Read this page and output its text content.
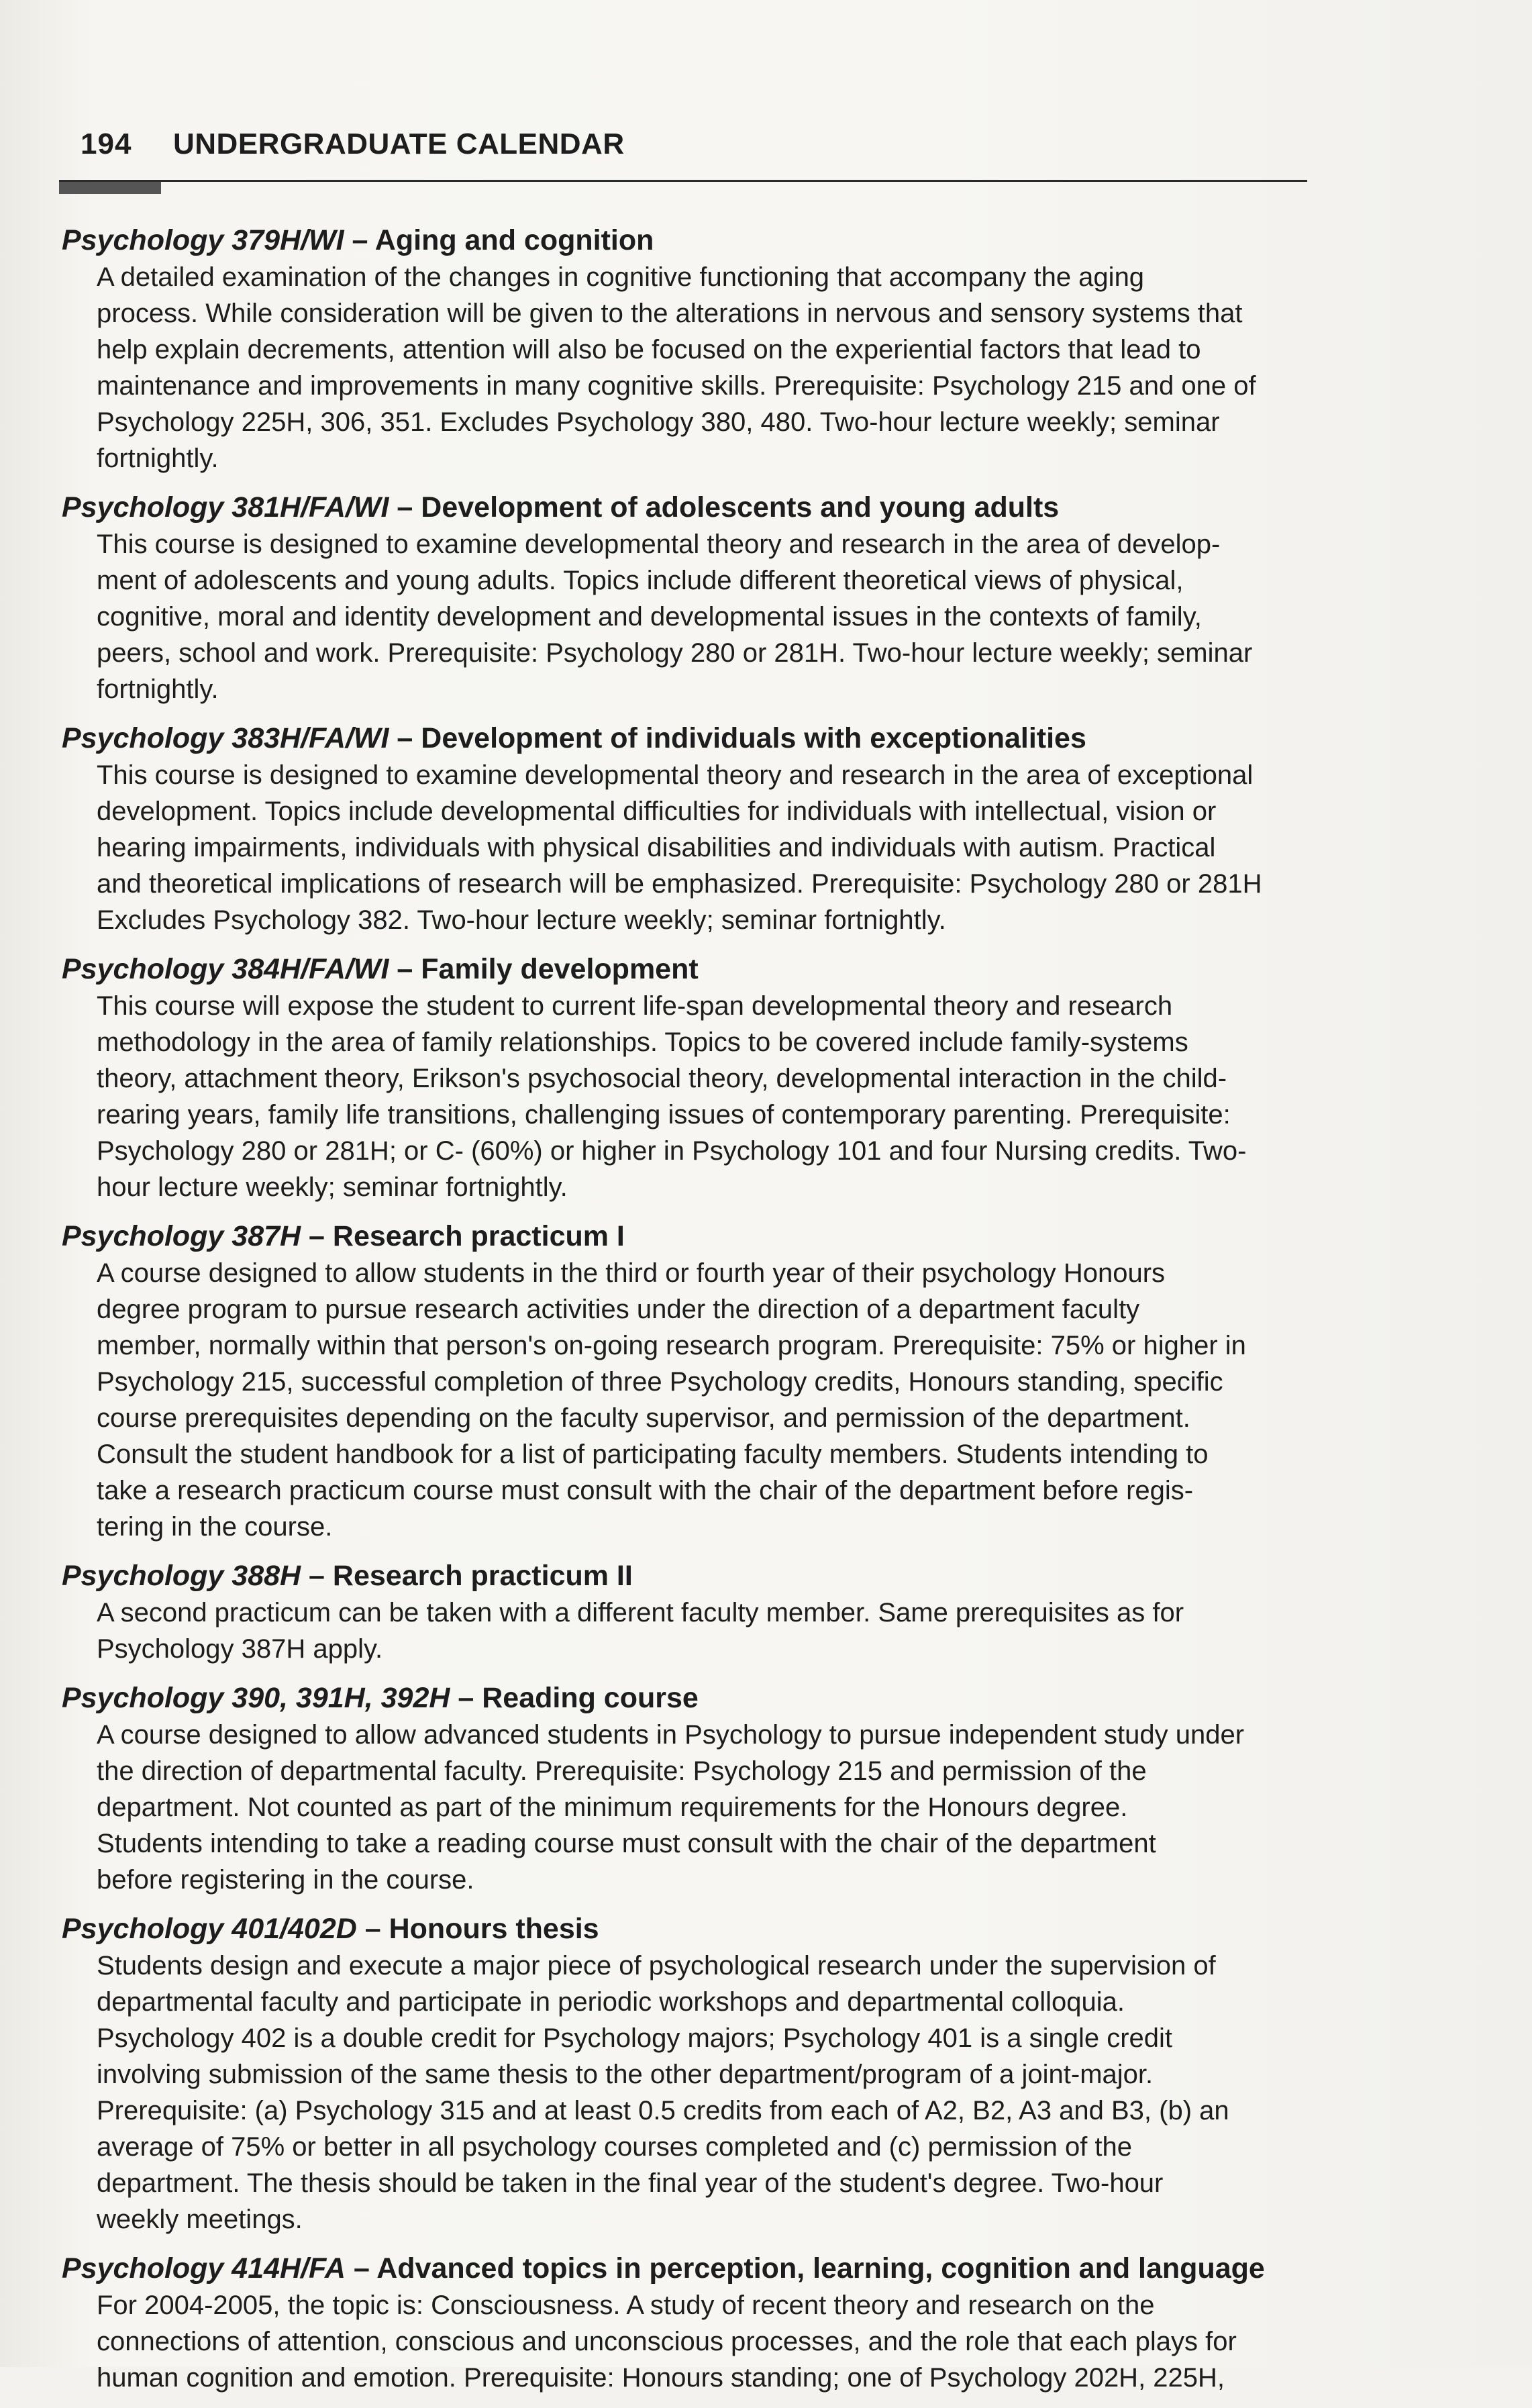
194 UNDERGRADUATE CALENDAR
Psychology 379H/WI – Aging and cognition
A detailed examination of the changes in cognitive functioning that accompany the aging
process. While consideration will be given to the alterations in nervous and sensory systems that
help explain decrements, attention will also be focused on the experiential factors that lead to
maintenance and improvements in many cognitive skills. Prerequisite: Psychology 215 and one of
Psychology 225H, 306, 351. Excludes Psychology 380, 480. Two-hour lecture weekly; seminar
fortnightly.
Psychology 381H/FA/WI – Development of adolescents and young adults
This course is designed to examine developmental theory and research in the area of develop-
ment of adolescents and young adults. Topics include different theoretical views of physical,
cognitive, moral and identity development and developmental issues in the contexts of family,
peers, school and work. Prerequisite: Psychology 280 or 281H. Two-hour lecture weekly; seminar
fortnightly.
Psychology 383H/FA/WI – Development of individuals with exceptionalities
This course is designed to examine developmental theory and research in the area of exceptional
development. Topics include developmental difficulties for individuals with intellectual, vision or
hearing impairments, individuals with physical disabilities and individuals with autism. Practical
and theoretical implications of research will be emphasized. Prerequisite: Psychology 280 or 281H
Excludes Psychology 382. Two-hour lecture weekly; seminar fortnightly.
Psychology 384H/FA/WI – Family development
This course will expose the student to current life-span developmental theory and research
methodology in the area of family relationships. Topics to be covered include family-systems
theory, attachment theory, Erikson's psychosocial theory, developmental interaction in the child-
rearing years, family life transitions, challenging issues of contemporary parenting. Prerequisite:
Psychology 280 or 281H; or C- (60%) or higher in Psychology 101 and four Nursing credits. Two-
hour lecture weekly; seminar fortnightly.
Psychology 387H – Research practicum I
A course designed to allow students in the third or fourth year of their psychology Honours
degree program to pursue research activities under the direction of a department faculty
member, normally within that person's on-going research program. Prerequisite: 75% or higher in
Psychology 215, successful completion of three Psychology credits, Honours standing, specific
course prerequisites depending on the faculty supervisor, and permission of the department.
Consult the student handbook for a list of participating faculty members. Students intending to
take a research practicum course must consult with the chair of the department before regis-
tering in the course.
Psychology 388H – Research practicum II
A second practicum can be taken with a different faculty member. Same prerequisites as for
Psychology 387H apply.
Psychology 390, 391H, 392H – Reading course
A course designed to allow advanced students in Psychology to pursue independent study under
the direction of departmental faculty. Prerequisite: Psychology 215 and permission of the
department. Not counted as part of the minimum requirements for the Honours degree.
Students intending to take a reading course must consult with the chair of the department
before registering in the course.
Psychology 401/402D – Honours thesis
Students design and execute a major piece of psychological research under the supervision of
departmental faculty and participate in periodic workshops and departmental colloquia.
Psychology 402 is a double credit for Psychology majors; Psychology 401 is a single credit
involving submission of the same thesis to the other department/program of a joint-major.
Prerequisite: (a) Psychology 315 and at least 0.5 credits from each of A2, B2, A3 and B3, (b) an
average of 75% or better in all psychology courses completed and (c) permission of the
department. The thesis should be taken in the final year of the student's degree. Two-hour
weekly meetings.
Psychology 414H/FA – Advanced topics in perception, learning, cognition and language
For 2004-2005, the topic is: Consciousness. A study of recent theory and research on the
connections of attention, conscious and unconscious processes, and the role that each plays for
human cognition and emotion. Prerequisite: Honours standing; one of Psychology 202H, 225H,
